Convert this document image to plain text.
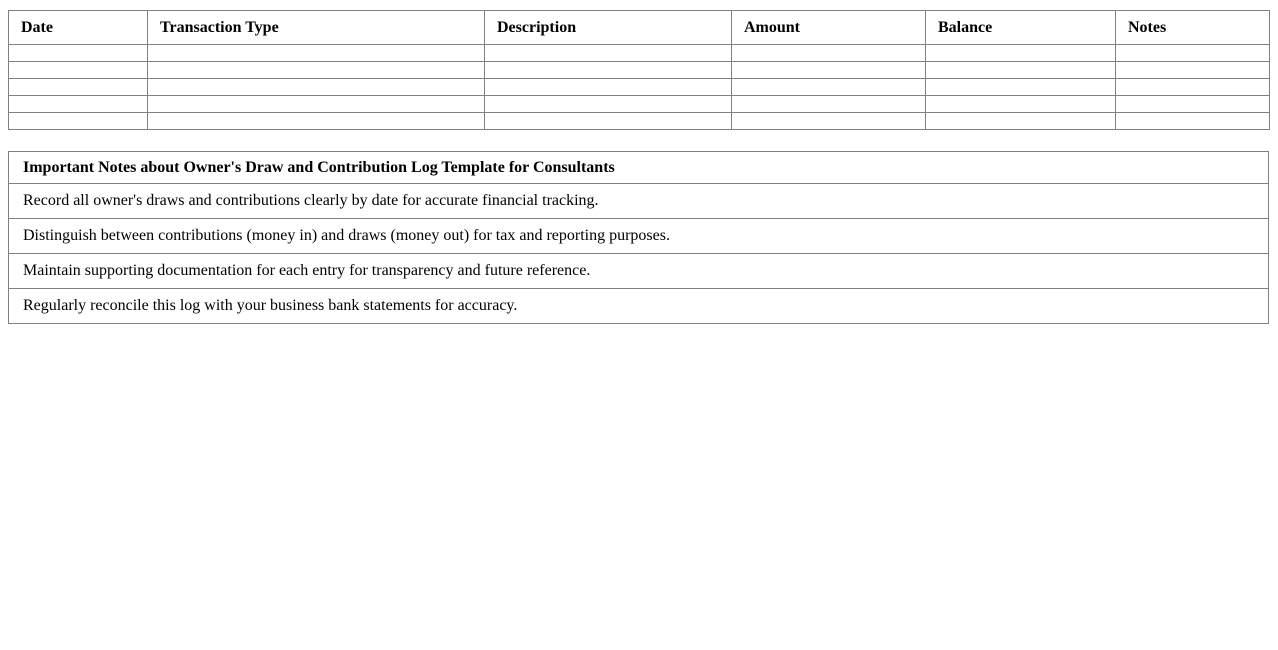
Date	Transaction Type	Description	Amount	Balance	Notes

Important Notes about Owner's Draw and Contribution Log Template for Consultants
Record all owner's draws and contributions clearly by date for accurate financial tracking.
Distinguish between contributions (money in) and draws (money out) for tax and reporting purposes.
Maintain supporting documentation for each entry for transparency and future reference.
Regularly reconcile this log with your business bank statements for accuracy.
